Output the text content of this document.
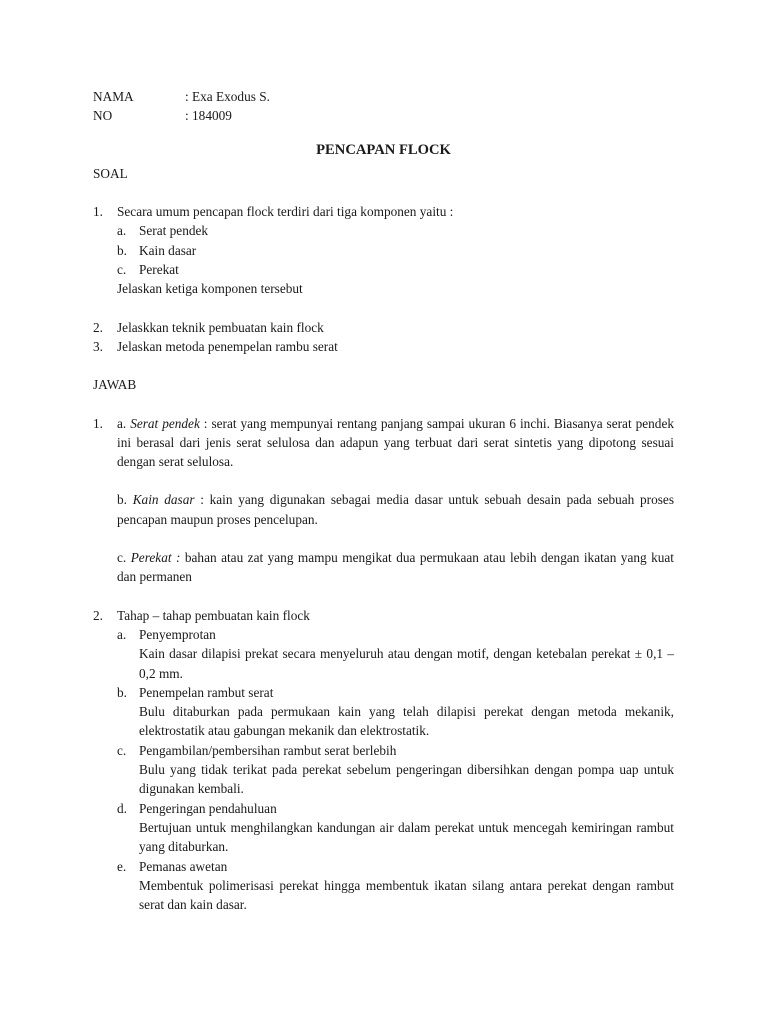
NAMA	: Exa Exodus S.
NO	: 184009
PENCAPAN FLOCK
SOAL
1.	Secara umum pencapan flock terdiri dari tiga komponen yaitu :
a. Serat pendek
b. Kain dasar
c. Perekat
Jelaskan ketiga komponen tersebut
2.	Jelaskkan teknik pembuatan kain flock
3.	Jelaskan metoda penempelan rambu serat
JAWAB
1.	a. Serat pendek : serat yang mempunyai rentang panjang sampai ukuran 6 inchi. Biasanya serat pendek ini berasal dari jenis serat selulosa dan adapun yang terbuat dari serat sintetis yang dipotong sesuai dengan serat selulosa.
b. Kain dasar : kain yang digunakan sebagai media dasar untuk sebuah desain pada sebuah proses pencapan maupun proses pencelupan.
c. Perekat : bahan atau zat yang mampu mengikat dua permukaan atau lebih dengan ikatan yang kuat dan permanen
2.	Tahap – tahap pembuatan kain flock
a. Penyemprotan
Kain dasar dilapisi prekat secara menyeluruh atau dengan motif, dengan ketebalan perekat ± 0,1 – 0,2 mm.
b. Penempelan rambut serat
Bulu ditaburkan pada permukaan kain yang telah dilapisi perekat dengan metoda mekanik, elektrostatik atau gabungan mekanik dan elektrostatik.
c. Pengambilan/pembersihan rambut serat berlebih
Bulu yang tidak terikat pada perekat sebelum pengeringan dibersihkan dengan pompa uap untuk digunakan kembali.
d. Pengeringan pendahuluan
Bertujuan untuk menghilangkan kandungan air dalam perekat untuk mencegah kemiringan rambut yang ditaburkan.
e. Pemanas awetan
Membentuk polimerisasi perekat hingga membentuk ikatan silang antara perekat dengan rambut serat dan kain dasar.
